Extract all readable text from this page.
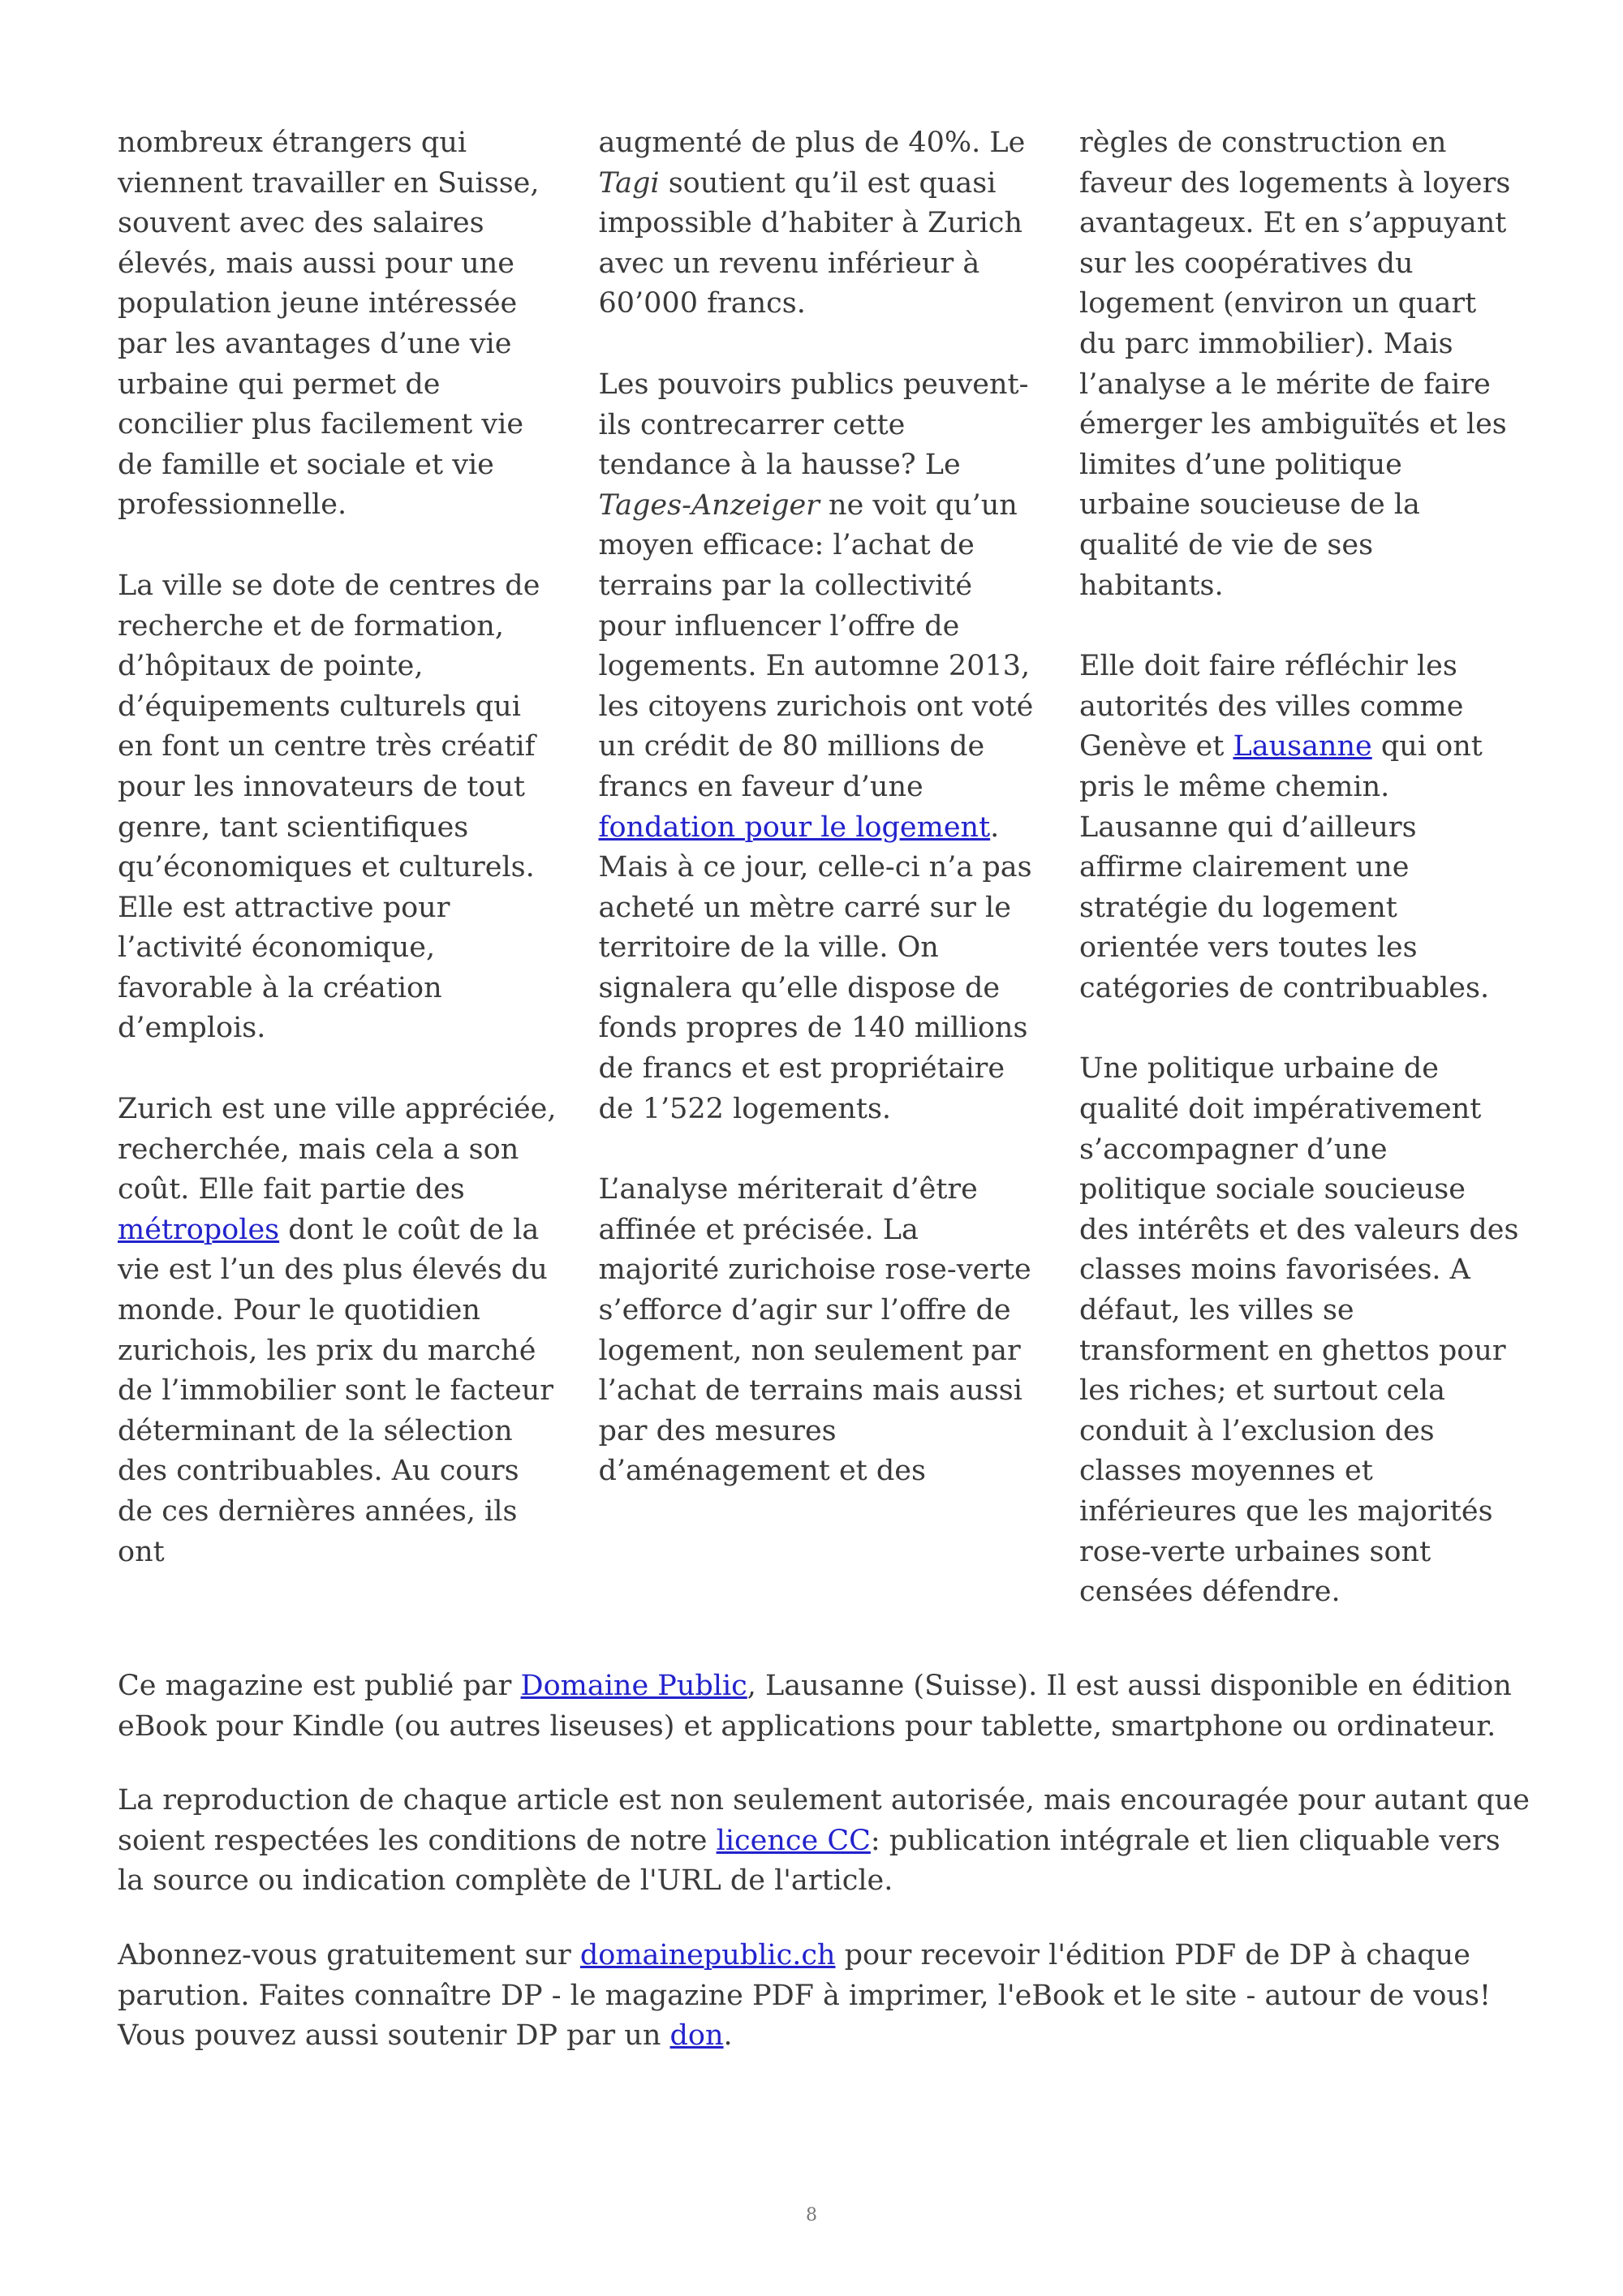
nombreux étrangers qui viennent travailler en Suisse, souvent avec des salaires élevés, mais aussi pour une population jeune intéressée par les avantages d’une vie urbaine qui permet de concilier plus facilement vie de famille et sociale et vie professionnelle.

La ville se dote de centres de recherche et de formation, d’hôpitaux de pointe, d’équipements culturels qui en font un centre très créatif pour les innovateurs de tout genre, tant scientifiques qu’économiques et culturels. Elle est attractive pour l’activité économique, favorable à la création d’emplois.

Zurich est une ville appréciée, recherchée, mais cela a son coût. Elle fait partie des métropoles dont le coût de la vie est l’un des plus élevés du monde. Pour le quotidien zurichois, les prix du marché de l’immobilier sont le facteur déterminant de la sélection des contribuables. Au cours de ces dernières années, ils ont

augmenté de plus de 40%. Le Tagi soutient qu’il est quasi impossible d’habiter à Zurich avec un revenu inférieur à 60’000 francs.

Les pouvoirs publics peuvent-ils contrecarrer cette tendance à la hausse? Le Tages-Anzeiger ne voit qu’un moyen efficace: l’achat de terrains par la collectivité pour influencer l’offre de logements. En automne 2013, les citoyens zurichois ont voté un crédit de 80 millions de francs en faveur d’une fondation pour le logement. Mais à ce jour, celle-ci n’a pas acheté un mètre carré sur le territoire de la ville. On signalera qu’elle dispose de fonds propres de 140 millions de francs et est propriétaire de 1’522 logements.

L’analyse mériterait d’être affinée et précisée. La majorité zurichoise rose-verte s’efforce d’agir sur l’offre de logement, non seulement par l’achat de terrains mais aussi par des mesures d’aménagement et des

règles de construction en faveur des logements à loyers avantageux. Et en s’appuyant sur les coopératives du logement (environ un quart du parc immobilier). Mais l’analyse a le mérite de faire émerger les ambiguïtés et les limites d’une politique urbaine soucieuse de la qualité de vie de ses habitants.

Elle doit faire réfléchir les autorités des villes comme Genève et Lausanne qui ont pris le même chemin. Lausanne qui d’ailleurs affirme clairement une stratégie du logement orientée vers toutes les catégories de contribuables.

Une politique urbaine de qualité doit impérativement s’accompagner d’une politique sociale soucieuse des intérêts et des valeurs des classes moins favorisées. A défaut, les villes se transforment en ghettos pour les riches; et surtout cela conduit à l’exclusion des classes moyennes et inférieures que les majorités rose-verte urbaines sont censées défendre.

Ce magazine est publié par Domaine Public, Lausanne (Suisse). Il est aussi disponible en édition eBook pour Kindle (ou autres liseuses) et applications pour tablette, smartphone ou ordinateur.

La reproduction de chaque article est non seulement autorisée, mais encouragée pour autant que soient respectées les conditions de notre licence CC: publication intégrale et lien cliquable vers la source ou indication complète de l'URL de l'article.

Abonnez-vous gratuitement sur domainepublic.ch pour recevoir l'édition PDF de DP à chaque parution. Faites connaître DP - le magazine PDF à imprimer, l'eBook et le site - autour de vous! Vous pouvez aussi soutenir DP par un don.

8
